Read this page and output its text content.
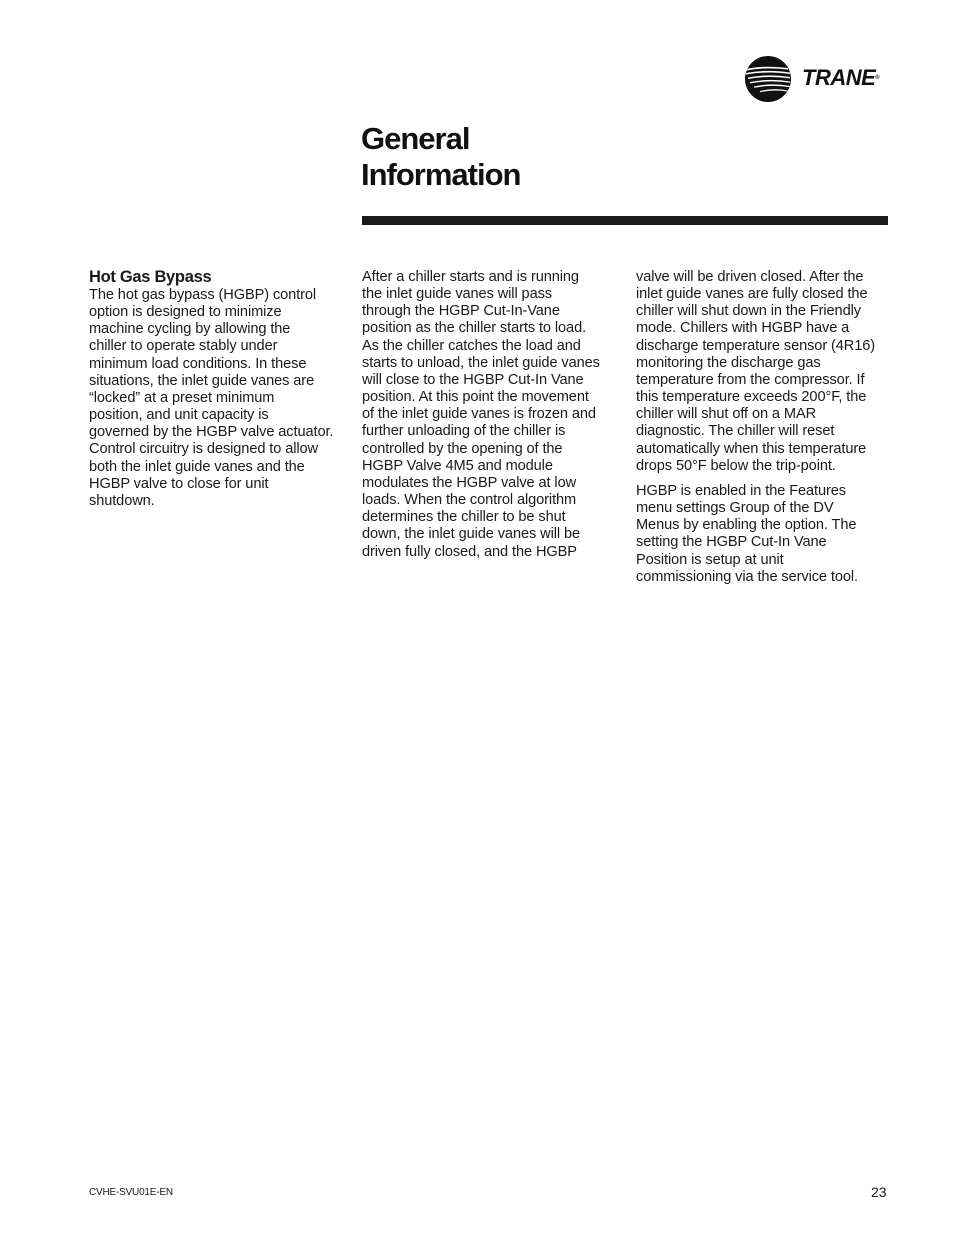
TRANE®
General
Information
Hot Gas Bypass

The hot gas bypass (HGBP) control
option is designed to minimize
machine cycling by allowing the
chiller to operate stably under
minimum load conditions. In these
situations, the inlet guide vanes are
“locked” at a preset minimum
position, and unit capacity is
governed by the HGBP valve actuator.
Control circuitry is designed to allow
both the inlet guide vanes and the
HGBP valve to close for unit
shutdown.

After a chiller starts and is running
the inlet guide vanes will pass
through the HGBP Cut-In-Vane
position as the chiller starts to load.
As the chiller catches the load and
starts to unload, the inlet guide vanes
will close to the HGBP Cut-In Vane
position. At this point the movement
of the inlet guide vanes is frozen and
further unloading of the chiller is
controlled by the opening of the
HGBP Valve 4M5 and module
modulates the HGBP valve at low
loads. When the control algorithm
determines the chiller to be shut
down, the inlet guide vanes will be
driven fully closed, and the HGBP

valve will be driven closed. After the
inlet guide vanes are fully closed the
chiller will shut down in the Friendly
mode. Chillers with HGBP have a
discharge temperature sensor (4R16)
monitoring the discharge gas
temperature from the compressor. If
this temperature exceeds 200°F, the
chiller will shut off on a MAR
diagnostic. The chiller will reset
automatically when this temperature
drops 50°F below the trip-point.

HGBP is enabled in the Features
menu settings Group of the DV
Menus by enabling the option. The
setting the HGBP Cut-In Vane
Position is setup at unit
commissioning via the service tool.

CVHE-SVU01E-EN	23
